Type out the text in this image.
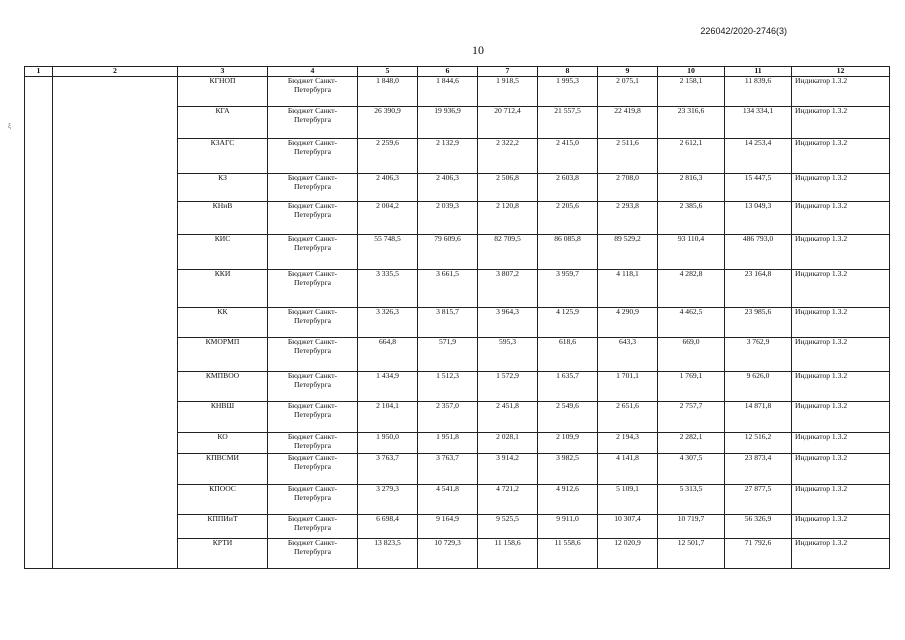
226042/2020-2746(3)
10
ξ
1	2	3	4	5	6	7	8	9	10	11	12
		КГНОП	Бюджет Санкт-Петербурга	1 848,0	1 844,6	1 918,5	1 995,3	2 075,1	2 158,1	11 839,6	Индикатор 1.3.2
		КГА	Бюджет Санкт-Петербурга	26 390,9	19 936,9	20 712,4	21 557,5	22 419,8	23 316,6	134 334,1	Индикатор 1.3.2
		КЗАГС	Бюджет Санкт-Петербурга	2 259,6	2 132,9	2 322,2	2 415,0	2 511,6	2 612,1	14 253,4	Индикатор 1.3.2
		КЗ	Бюджет Санкт-Петербурга	2 406,3	2 406,3	2 506,8	2 603,8	2 708,0	2 816,3	15 447,5	Индикатор 1.3.2
		КНиВ	Бюджет Санкт-Петербурга	2 004,2	2 039,3	2 120,8	2 205,6	2 293,8	2 385,6	13 049,3	Индикатор 1.3.2
		КИС	Бюджет Санкт-Петербурга	55 748,5	79 609,6	82 709,5	86 085,8	89 529,2	93 110,4	486 793,0	Индикатор 1.3.2
		ККИ	Бюджет Санкт-Петербурга	3 335,5	3 661,5	3 807,2	3 959,7	4 118,1	4 282,8	23 164,8	Индикатор 1.3.2
		КК	Бюджет Санкт-Петербурга	3 326,3	3 815,7	3 964,3	4 125,9	4 290,9	4 462,5	23 985,6	Индикатор 1.3.2
		КМОРМП	Бюджет Санкт-Петербурга	664,8	571,9	595,3	618,6	643,3	669,0	3 762,9	Индикатор 1.3.2
		КМПВОО	Бюджет Санкт-Петербурга	1 434,9	1 512,3	1 572,9	1 635,7	1 701,1	1 769,1	9 626,0	Индикатор 1.3.2
		КНВШ	Бюджет Санкт-Петербурга	2 104,1	2 357,0	2 451,8	2 549,6	2 651,6	2 757,7	14 871,8	Индикатор 1.3.2
		КО	Бюджет Санкт-Петербурга	1 950,0	1 951,8	2 028,1	2 109,9	2 194,3	2 282,1	12 516,2	Индикатор 1.3.2
		КПВСМИ	Бюджет Санкт-Петербурга	3 763,7	3 763,7	3 914,2	3 982,5	4 141,8	4 307,5	23 873,4	Индикатор 1.3.2
		КПООС	Бюджет Санкт-Петербурга	3 279,3	4 541,8	4 721,2	4 912,6	5 109,1	5 313,5	27 877,5	Индикатор 1.3.2
		КППИиТ	Бюджет Санкт-Петербурга	6 698,4	9 164,9	9 525,5	9 911,0	10 307,4	10 719,7	56 326,9	Индикатор 1.3.2
		КРТИ	Бюджет Санкт-Петербурга	13 823,5	10 729,3	11 158,6	11 558,6	12 020,9	12 501,7	71 792,6	Индикатор 1.3.2
